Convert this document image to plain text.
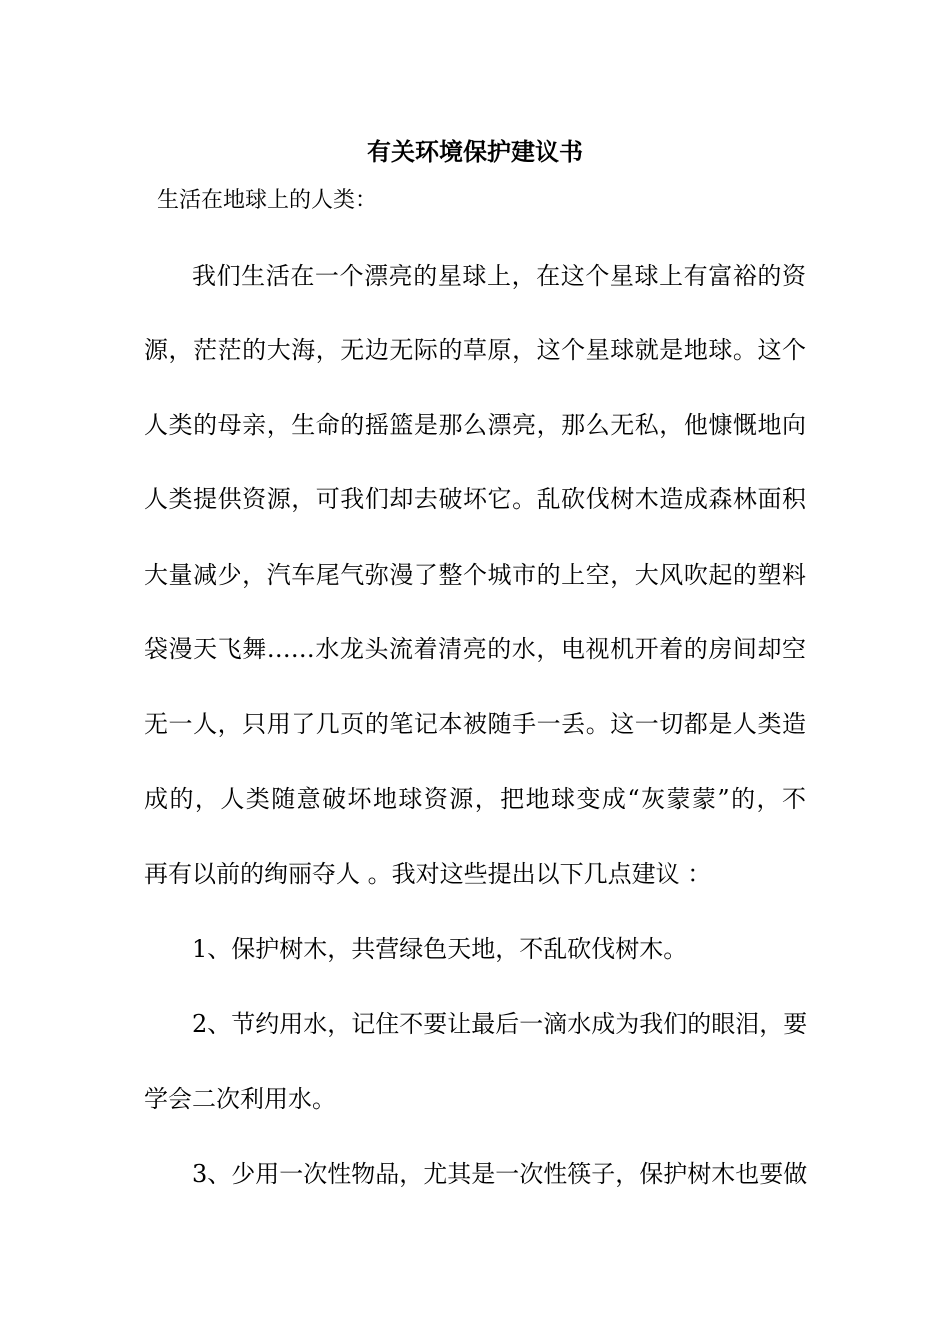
有关环境保护建议书
生活在地球上的人类：
我们生活在一个漂亮的星球上，在这个星球上有富裕的资
源，茫茫的大海，无边无际的草原，这个星球就是地球。这个
人类的母亲，生命的摇篮是那么漂亮，那么无私，他慷慨地向
人类提供资源，可我们却去破坏它。乱砍伐树木造成森林面积
大量减少，汽车尾气弥漫了整个城市的上空，大风吹起的塑料
袋漫天飞舞……水龙头流着清亮的水，电视机开着的房间却空
无一人，只用了几页的笔记本被随手一丢。这一切都是人类造
成的，人类随意破坏地球资源，把地球变成“灰蒙蒙”的，不
再有以前的绚丽夺人 。我对这些提出以下几点建议 ：
1、保护树木，共营绿色天地，不乱砍伐树木。
2、节约用水，记住不要让最后一滴水成为我们的眼泪，要
学会二次利用水。
3、少用一次性物品，尤其是一次性筷子，保护树木也要做
